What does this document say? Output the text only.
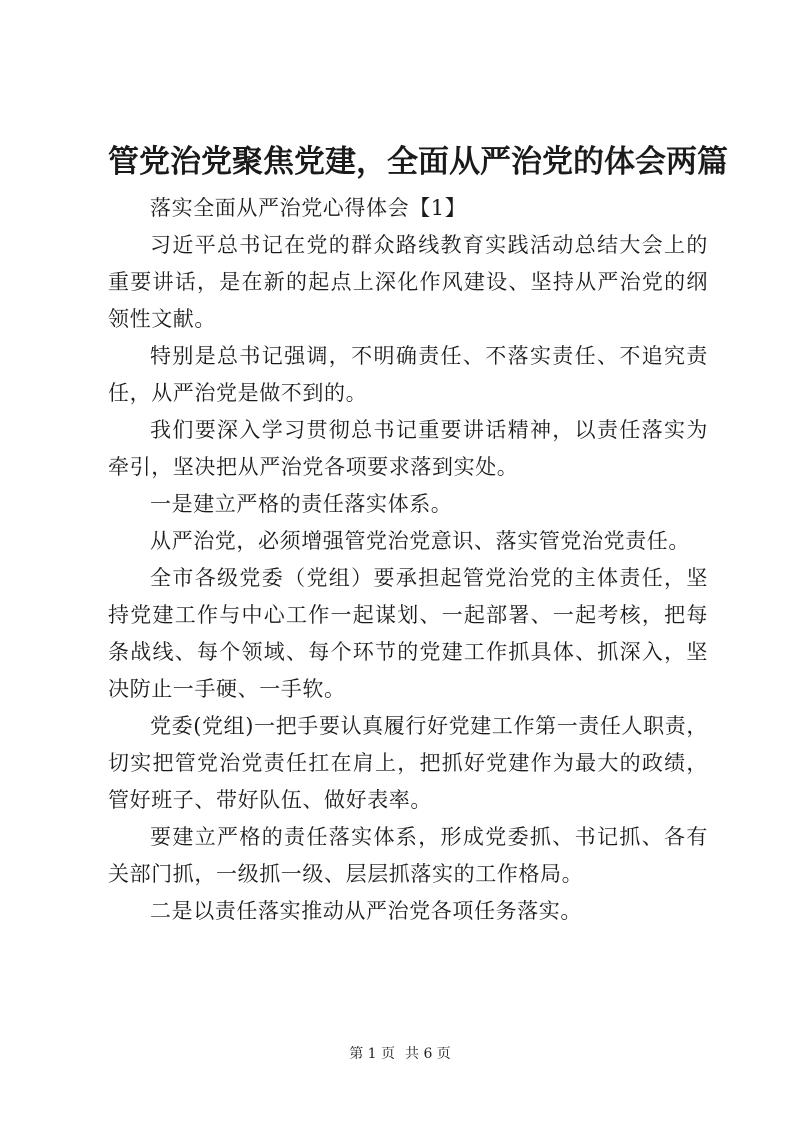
管党治党聚焦党建，全面从严治党的体会两篇

落实全面从严治党心得体会【1】

习近平总书记在党的群众路线教育实践活动总结大会上的重要讲话，是在新的起点上深化作风建设、坚持从严治党的纲领性文献。

特别是总书记强调，不明确责任、不落实责任、不追究责任，从严治党是做不到的。

我们要深入学习贯彻总书记重要讲话精神，以责任落实为牵引，坚决把从严治党各项要求落到实处。

一是建立严格的责任落实体系。

从严治党，必须增强管党治党意识、落实管党治党责任。

全市各级党委（党组）要承担起管党治党的主体责任，坚持党建工作与中心工作一起谋划、一起部署、一起考核，把每条战线、每个领域、每个环节的党建工作抓具体、抓深入，坚决防止一手硬、一手软。

党委(党组)一把手要认真履行好党建工作第一责任人职责，切实把管党治党责任扛在肩上，把抓好党建作为最大的政绩，管好班子、带好队伍、做好表率。

要建立严格的责任落实体系，形成党委抓、书记抓、各有关部门抓，一级抓一级、层层抓落实的工作格局。

二是以责任落实推动从严治党各项任务落实。

第 1 页 共 6 页
